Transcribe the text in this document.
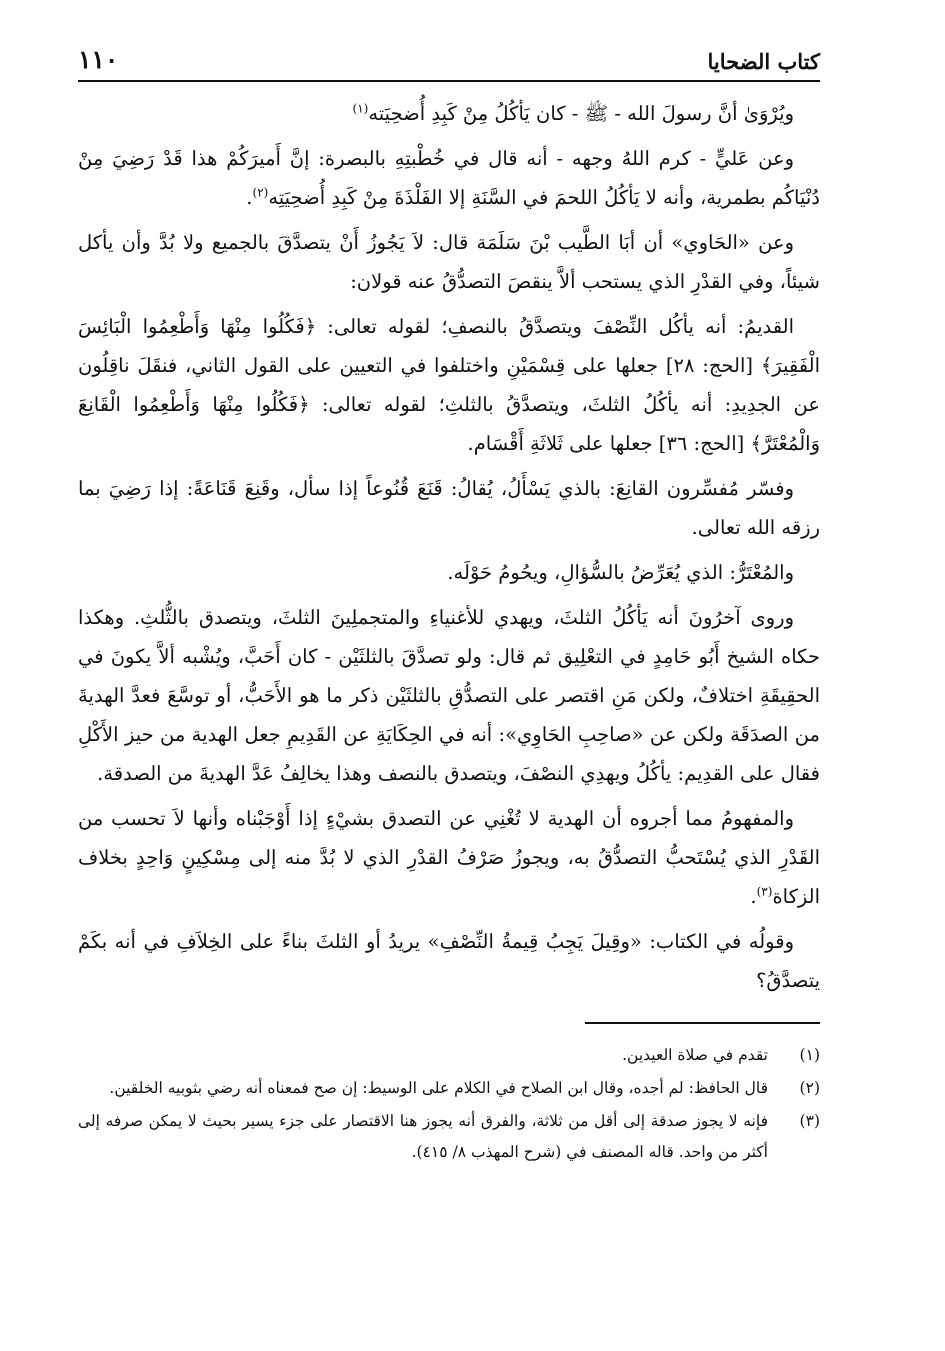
كتاب الضحايا
١١٠

ويُرْوَىٰ أنَّ رسولَ الله - ﷺ - كان يَأكُلُ مِنْ كَبِدِ أُضحِيَته$^{(١)}$

وعن عَليٍّ - كرم اللهُ وجهه - أنه قال في خُطْبتِهِ بالبصرة: إنَّ أَميرَكُمْ هذا قَدْ رَضِيَ مِنْ دُنْيَاكُم بطمرية، وأنه لا يَأكُلُ اللحمَ في السَّنَةِ إلا الفَلْذَةَ مِنْ كَبِدِ أُضحِيَتِه$^{(٢)}$.

وعن «الحَاوي» أن أبَا الطَّيب بْنَ سَلَمَة قال: لاَ يَجُوزُ أَنْ يتصدَّقَ بالجميع ولا بُدَّ وأن يأكل شيئاً، وفي القدْرِ الذي يستحب ألاَّ ينقصَ التصدُّقُ عنه قولان:

القديمُ: أنه يأكُل النِّصْفَ ويتصدَّقُ بالنصفِ؛ لقوله تعالى: ﴿فَكُلُوا مِنْهَا وَأَطْعِمُوا الْبَائِسَ الْفَقِيرَ﴾ [الحج: ٢٨] جعلها على قِسْمَيْنِ واختلفوا في التعيين على القول الثاني، فنقَلَ ناقِلُون عن الجدِيدِ: أنه يأكُلُ الثلثَ، ويتصدَّقُ بالثلثِ؛ لقوله تعالى: ﴿فَكُلُوا مِنْهَا وَأَطْعِمُوا الْقَانِعَ وَالْمُعْتَرَّ﴾ [الحج: ٣٦] جعلها على ثَلاثَةِ أَقْسَام.

وفسّر مُفسِّرون القانِعَ: بالذي يَسْأَلُ، يُقالُ: قَنَعَ قُنُوعاً إذا سأل، وقَنِعَ قَنَاعَةً: إذا رَضِيَ بما رزقه الله تعالى.

والمُعْتَرُّ: الذي يُعَرِّضُ بالسُّؤالِ، ويحُومُ حَوْلَه.

وروى آخرُونَ أنه يَأكُلُ الثلثَ، ويهدي للأغنياءِ والمتجملِينَ الثلثَ، ويتصدق بالثُّلثِ. وهكذا حكاه الشيخ أَبُو حَامِدٍ في التعْلِيق ثم قال: ولو تصدَّقَ بالثلثَيْن - كان أَحَبَّ، ويُشْبه ألاَّ يكونَ في الحقِيقَةِ اختلافٌ، ولكن مَنِ اقتصر على التصدُّقِ بالثلثَيْن ذكر ما هو الأَحَبُّ، أو توسَّعَ فعدَّ الهديةَ من الصدَقَة ولكن عن «صاحِبِ الحَاوِي»: أنه في الحِكَايَةِ عن القَدِيمِ جعل الهدية من حيز الأَكْلِ فقال على القدِيم: يأكُلُ ويهدِي النصْفَ، ويتصدق بالنصف وهذا يخالِفُ عَدَّ الهديةَ من الصدقة.

والمفهومُ مما أجروه أن الهدية لا تُغْنِي عن التصدق بشيْءٍ إذا أَوْجَبْناه وأنها لاَ تحسب من القَدْرِ الذي يُسْتَحبُّ التصدُّقُ به، ويجوزُ صَرْفُ القدْرِ الذي لا بُدَّ منه إلى مِسْكِينٍ وَاحِدٍ بخلاف الزكاة$^{(٣)}$.

وقولُه في الكتاب: «وقِيلَ يَجِبُ قِيمةُ النِّصْفِ» يريدُ أو الثلثَ بناءً على الخِلاَفِ في أنه بكَمْ يتصدَّقُ؟

(١)
تقدم في صلاة العيدين.
(٢)
قال الحافظ: لم أجده، وقال ابن الصلاح في الكلام على الوسيط: إن صح فمعناه أنه رضي بثوبيه الخلقين.
(٣)
فإنه لا يجوز صدقة إلى أقل من ثلاثة، والفرق أنه يجوز هنا الاقتصار على جزء يسير بحيث لا يمكن صرفه إلى أكثر من واحد. قاله المصنف في (شرح المهذب ٨/ ٤١٥).
